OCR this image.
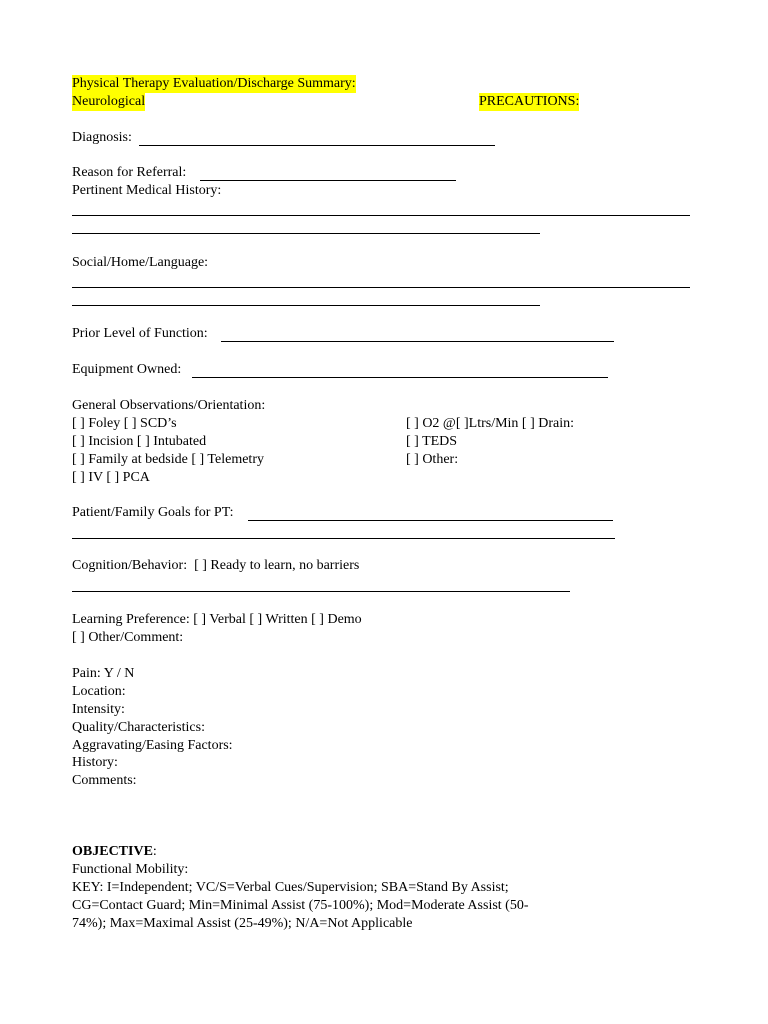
Physical Therapy Evaluation/Discharge Summary:
Neurological	PRECAUTIONS:
Diagnosis:
Reason for Referral:
Pertinent Medical History:
Social/Home/Language:
Prior Level of Function:
Equipment Owned:
General Observations/Orientation:
[ ] Foley [ ] SCD’s
[ ] Incision [ ] Intubated
[ ] Family at bedside [ ] Telemetry
[ ] IV [ ] PCA
[ ] O2 @[ ]Ltrs/Min [ ] Drain:
[ ] TEDS
[ ] Other:
Patient/Family Goals for PT:
Cognition/Behavior:  [ ] Ready to learn, no barriers
Learning Preference: [ ] Verbal [ ] Written [ ] Demo
[ ] Other/Comment:
Pain: Y / N
Location:
Intensity:
Quality/Characteristics:
Aggravating/Easing Factors:
History:
Comments:
OBJECTIVE:
Functional Mobility:
KEY: I=Independent; VC/S=Verbal Cues/Supervision; SBA=Stand By Assist;
CG=Contact Guard; Min=Minimal Assist (75-100%); Mod=Moderate Assist (50-
74%); Max=Maximal Assist (25-49%); N/A=Not Applicable
